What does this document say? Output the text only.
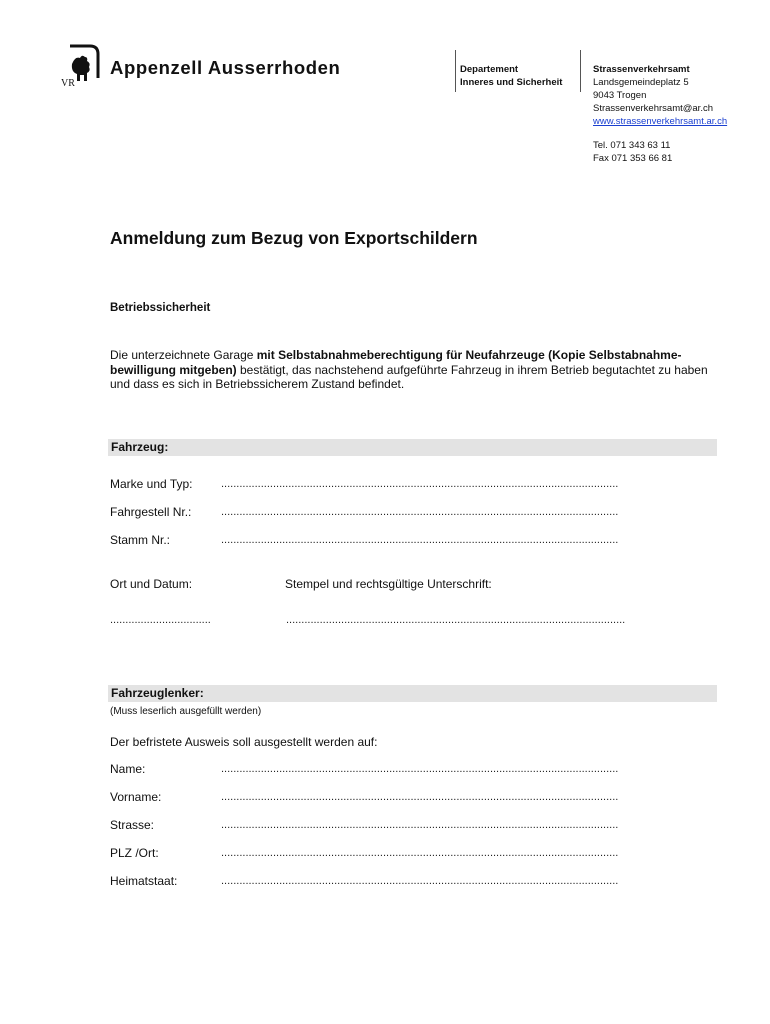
VR
Appenzell Ausserrhoden	Departement
Inneres und Sicherheit
Strassenverkehrsamt
Landsgemeindeplatz 5
9043 Trogen
Strassenverkehrsamt@ar.ch
www.strassenverkehrsamt.ar.ch
Tel. 071 343 63 11
Fax 071 353 66 81
Anmeldung zum Bezug von Exportschildern
Betriebssicherheit
Die unterzeichnete Garage mit Selbstabnahmeberechtigung für Neufahrzeuge (Kopie Selbstabnahme-bewilligung mitgeben) bestätigt, das nachstehend aufgeführte Fahrzeug in ihrem Betrieb begutachtet zu haben und dass es sich in Betriebssicherem Zustand befindet.
Fahrzeug:
Marke und Typ:	..................................................................................................................................
Fahrgestell Nr.:	..................................................................................................................................
Stamm Nr.:	..................................................................................................................................
Ort und Datum:	Stempel und rechtsgültige Unterschrift:
.................................	...............................................................................................................
Fahrzeuglenker:
(Muss leserlich ausgefüllt werden)
Der befristete Ausweis soll ausgestellt werden auf:
Name:	..................................................................................................................................
Vorname:	..................................................................................................................................
Strasse:	..................................................................................................................................
PLZ /Ort:	..................................................................................................................................
Heimatstaat:	..................................................................................................................................
